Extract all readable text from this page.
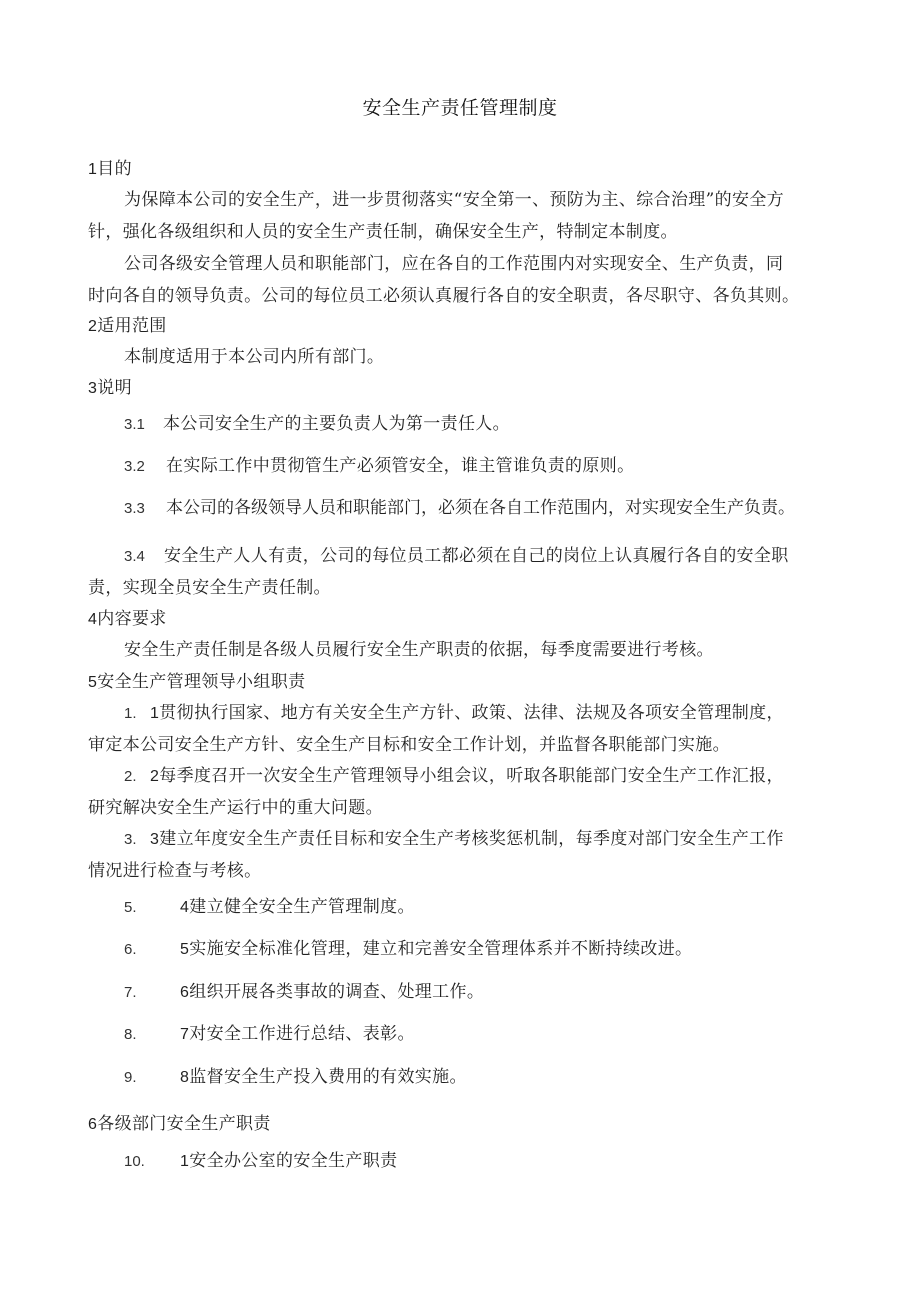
安全生产责任管理制度
1目的
为保障本公司的安全生产，进一步贯彻落实“安全第一、预防为主、综合治理”的安全方
针，强化各级组织和人员的安全生产责任制，确保安全生产，特制定本制度。
公司各级安全管理人员和职能部门，应在各自的工作范围内对实现安全、生产负责，同
时向各自的领导负责。公司的每位员工必须认真履行各自的安全职责，各尽职守、各负其则。
2适用范围
本制度适用于本公司内所有部门。
3说明
3.1 本公司安全生产的主要负责人为第一责任人。
3.2 在实际工作中贯彻管生产必须管安全，谁主管谁负责的原则。
3.3 本公司的各级领导人员和职能部门，必须在各自工作范围内，对实现安全生产负责。
3.4 安全生产人人有责，公司的每位员工都必须在自己的岗位上认真履行各自的安全职
责，实现全员安全生产责任制。
4内容要求
安全生产责任制是各级人员履行安全生产职责的依据，每季度需要进行考核。
5安全生产管理领导小组职责
1. 1贯彻执行国家、地方有关安全生产方针、政策、法律、法规及各项安全管理制度，
审定本公司安全生产方针、安全生产目标和安全工作计划，并监督各职能部门实施。
2. 2每季度召开一次安全生产管理领导小组会议，听取各职能部门安全生产工作汇报，
研究解决安全生产运行中的重大问题。
3. 3建立年度安全生产责任目标和安全生产考核奖惩机制，每季度对部门安全生产工作
情况进行检查与考核。
5.	4建立健全安全生产管理制度。
6.	5实施安全标准化管理，建立和完善安全管理体系并不断持续改进。
7.	6组织开展各类事故的调查、处理工作。
8.	7对安全工作进行总结、表彰。
9.	8监督安全生产投入费用的有效实施。
6各级部门安全生产职责
10. 1安全办公室的安全生产职责
